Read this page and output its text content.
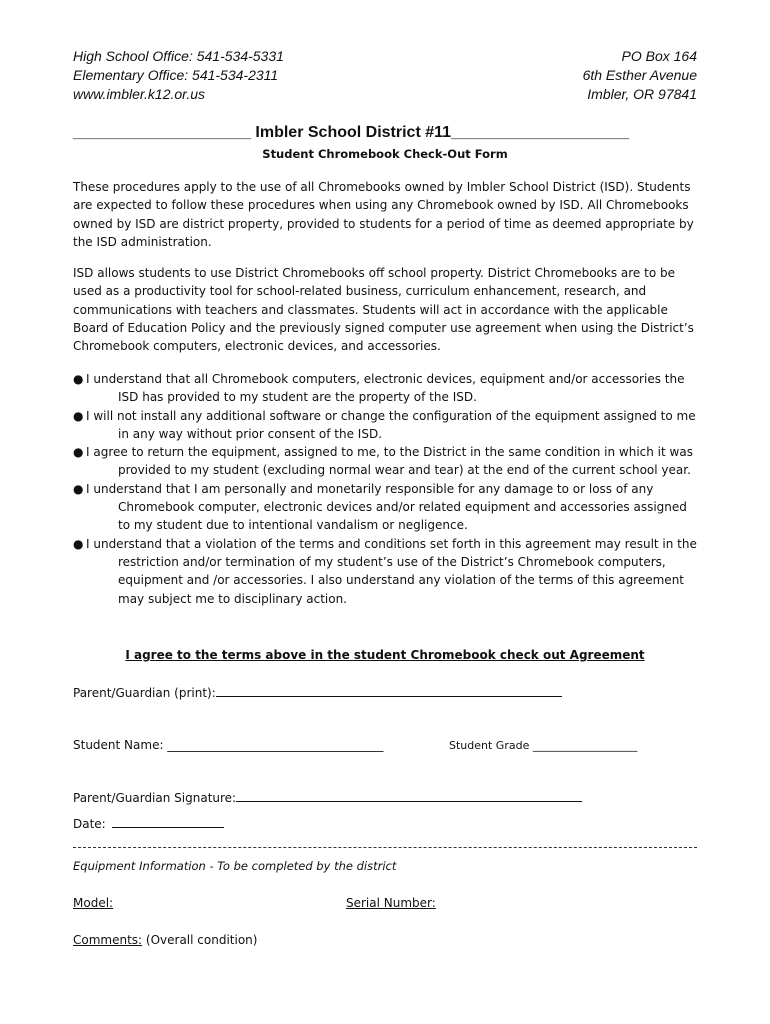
High School Office: 541-534-5331
Elementary Office: 541-534-2311
www.imbler.k12.or.us
PO Box 164
6th Esther Avenue
Imbler, OR 97841
____________________ Imbler School District #11____________________
Student Chromebook Check-Out Form

These procedures apply to the use of all Chromebooks owned by Imbler School District (ISD). Students are expected to follow these procedures when using any Chromebook owned by ISD. All Chromebooks owned by ISD are district property, provided to students for a period of time as deemed appropriate by the ISD administration.

ISD allows students to use District Chromebooks off school property. District Chromebooks are to be used as a productivity tool for school-related business, curriculum enhancement, research, and communications with teachers and classmates. Students will act in accordance with the applicable Board of Education Policy and the previously signed computer use agreement when using the District’s Chromebook computers, electronic devices, and accessories.

● I understand that all Chromebook computers, electronic devices, equipment and/or accessories the ISD has provided to my student are the property of the ISD.
● I will not install any additional software or change the configuration of the equipment assigned to me in any way without prior consent of the ISD.
● I agree to return the equipment, assigned to me, to the District in the same condition in which it was provided to my student (excluding normal wear and tear) at the end of the current school year.
● I understand that I am personally and monetarily responsible for any damage to or loss of any Chromebook computer, electronic devices and/or related equipment and accessories assigned to my student due to intentional vandalism or negligence.
● I understand that a violation of the terms and conditions set forth in this agreement may result in the restriction and/or termination of my student’s use of the District’s Chromebook computers, equipment and /or accessories. I also understand any violation of the terms of this agreement may subject me to disciplinary action.
I agree to the terms above in the student Chromebook check out Agreement
Parent/Guardian (print):
Student Name: ____________________________________	Student Grade ___________________
Parent/Guardian Signature:
Date:
Equipment Information - To be completed by the district
Model:	Serial Number:
Comments: (Overall condition)
